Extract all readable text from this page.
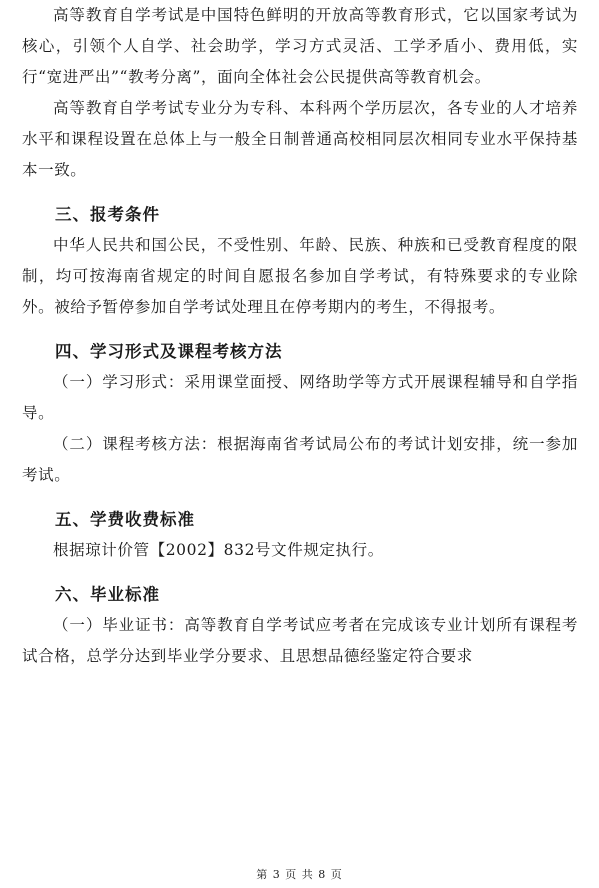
高等教育自学考试是中国特色鲜明的开放高等教育形式，它以国家考试为核心，引领个人自学、社会助学，学习方式灵活、工学矛盾小、费用低，实行“宽进严出”“教考分离”，面向全体社会公民提供高等教育机会。

高等教育自学考试专业分为专科、本科两个学历层次，各专业的人才培养水平和课程设置在总体上与一般全日制普通高校相同层次相同专业水平保持基本一致。

三、报考条件

中华人民共和国公民，不受性别、年龄、民族、种族和已受教育程度的限制，均可按海南省规定的时间自愿报名参加自学考试，有特殊要求的专业除外。被给予暂停参加自学考试处理且在停考期内的考生，不得报考。

四、学习形式及课程考核方法

（一）学习形式：采用课堂面授、网络助学等方式开展课程辅导和自学指导。

（二）课程考核方法：根据海南省考试局公布的考试计划安排，统一参加考试。

五、学费收费标准

根据琼计价管【2002】832号文件规定执行。

六、毕业标准

（一）毕业证书：高等教育自学考试应考者在完成该专业计划所有课程考试合格，总学分达到毕业学分要求、且思想品德经鉴定符合要求

第 3 页 共 8 页
